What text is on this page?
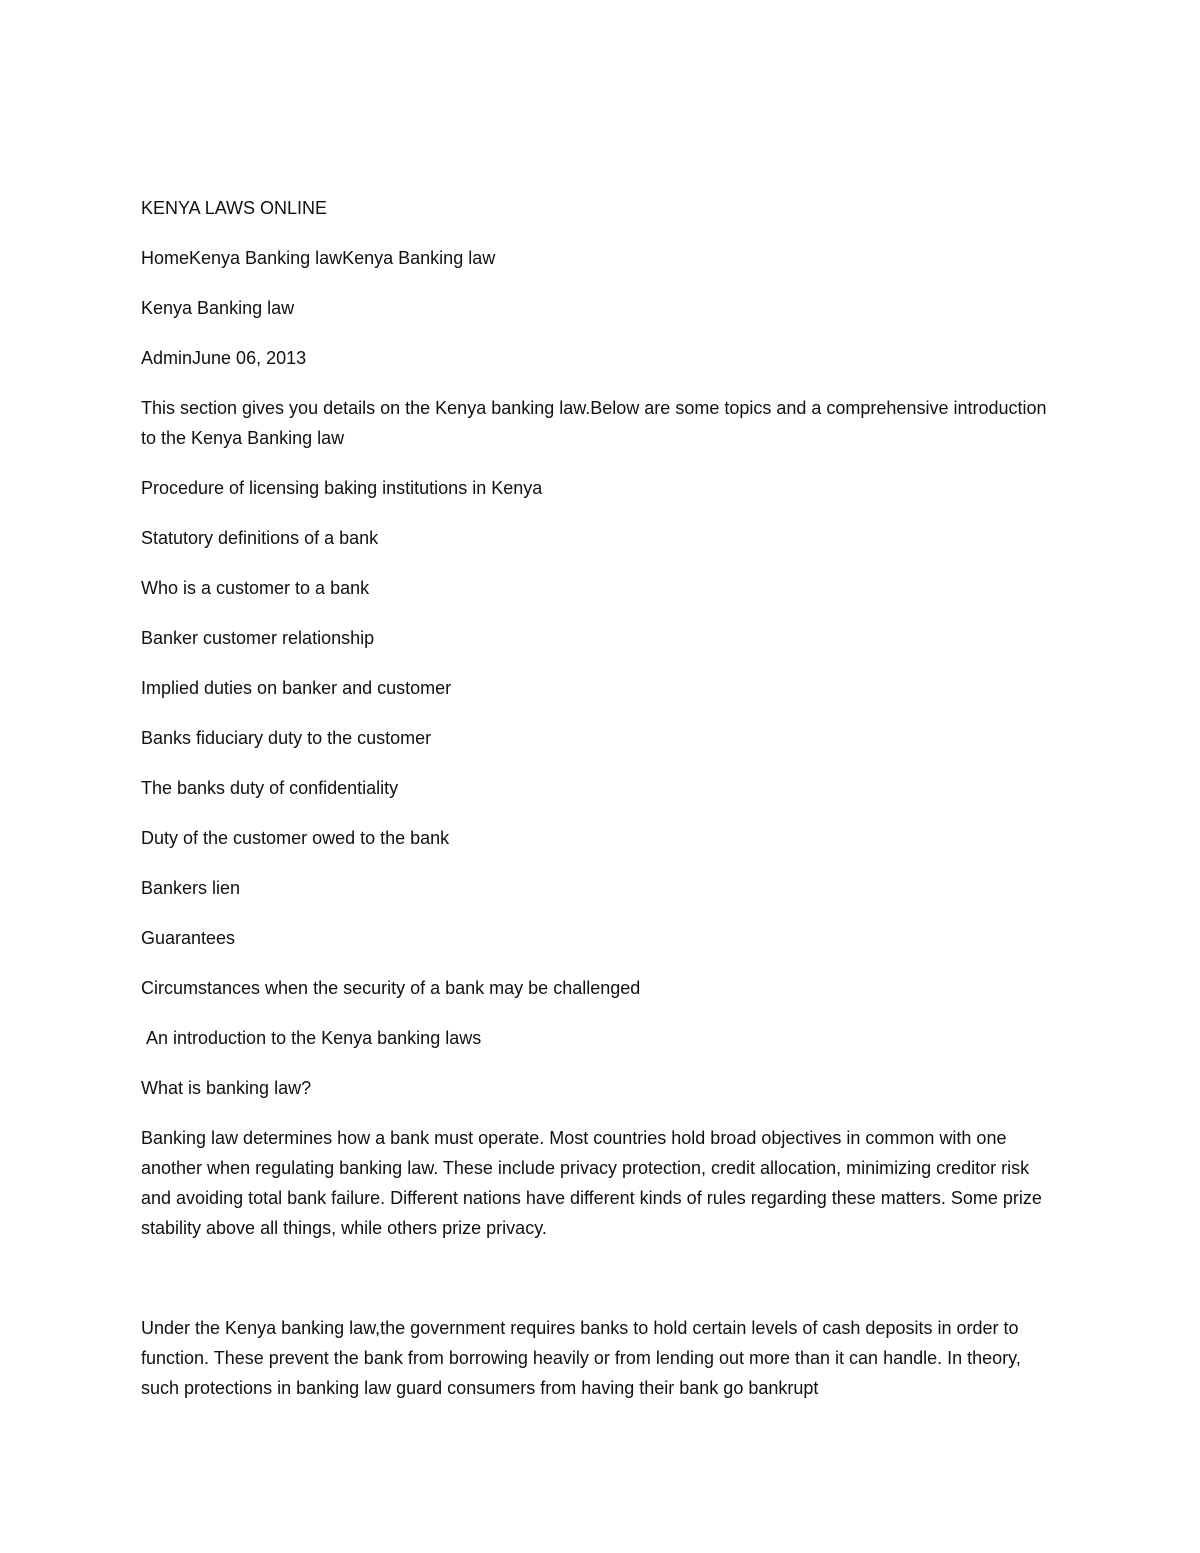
KENYA LAWS ONLINE

HomeKenya Banking lawKenya Banking law

Kenya Banking law

AdminJune 06, 2013

This section gives you details on the Kenya banking law.Below are some topics and a comprehensive introduction to the Kenya Banking law

Procedure of licensing baking institutions in Kenya

Statutory definitions of a bank

Who is a customer to a bank

Banker customer relationship

Implied duties on banker and customer

Banks fiduciary duty to the customer

The banks duty of confidentiality

Duty of the customer owed to the bank

Bankers lien

Guarantees

Circumstances when the security of a bank may be challenged

An introduction to the Kenya banking laws

What is banking law?

Banking law determines how a bank must operate. Most countries hold broad objectives in common with one another when regulating banking law. These include privacy protection, credit allocation, minimizing creditor risk and avoiding total bank failure. Different nations have different kinds of rules regarding these matters. Some prize stability above all things, while others prize privacy.

Under the Kenya banking law,the government requires banks to hold certain levels of cash deposits in order to function. These prevent the bank from borrowing heavily or from lending out more than it can handle. In theory, such protections in banking law guard consumers from having their bank go bankrupt
